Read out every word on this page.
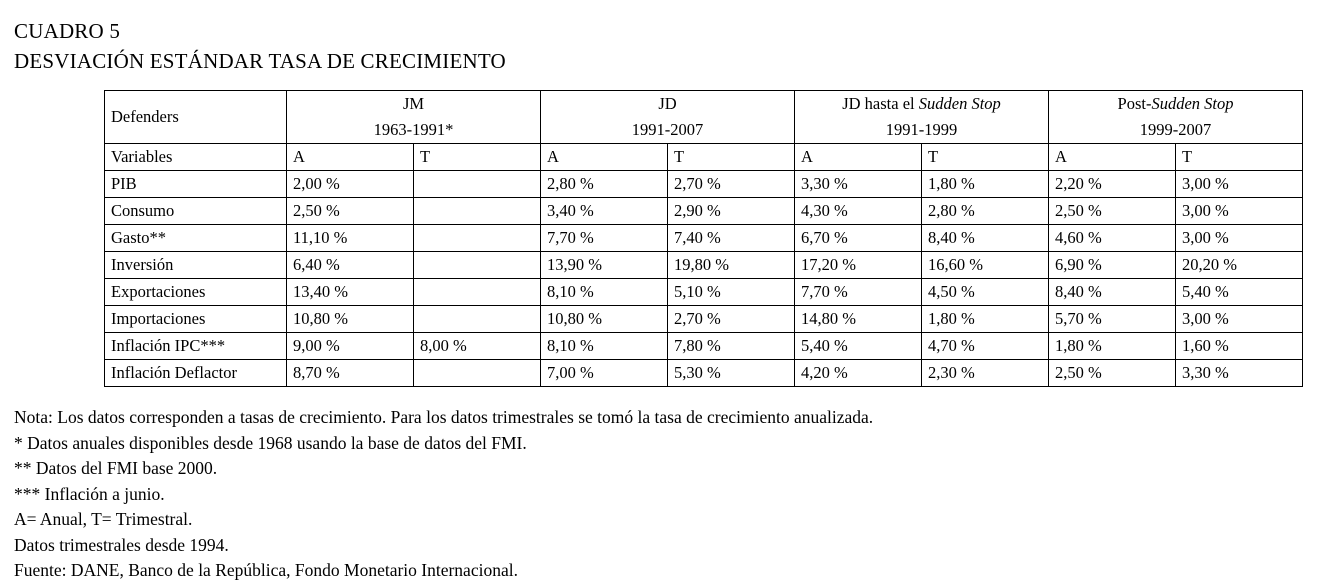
CUADRO 5
DESVIACIÓN ESTÁNDAR TASA DE CRECIMIENTO
Defenders	JM		JD		JD hasta el Sudden Stop		Post-Sudden Stop	
	1963-1991*		1991-2007		1991-1999		1999-2007	
Variables	A	T	A	T	A	T	A	T
PIB	2,00 %		2,80 %	2,70 %	3,30 %	1,80 %	2,20 %	3,00 %
Consumo	2,50 %		3,40 %	2,90 %	4,30 %	2,80 %	2,50 %	3,00 %
Gasto**	11,10 %		7,70 %	7,40 %	6,70 %	8,40 %	4,60 %	3,00 %
Inversión	6,40 %		13,90 %	19,80 %	17,20 %	16,60 %	6,90 %	20,20 %
Exportaciones	13,40 %		8,10 %	5,10 %	7,70 %	4,50 %	8,40 %	5,40 %
Importaciones	10,80 %		10,80 %	2,70 %	14,80 %	1,80 %	5,70 %	3,00 %
Inflación IPC***	9,00 %	8,00 %	8,10 %	7,80 %	5,40 %	4,70 %	1,80 %	1,60 %
Inflación Deflactor	8,70 %		7,00 %	5,30 %	4,20 %	2,30 %	2,50 %	3,30 %
Nota: Los datos corresponden a tasas de crecimiento. Para los datos trimestrales se tomó la tasa de crecimiento anualizada.
* Datos anuales disponibles desde 1968 usando la base de datos del FMI.
** Datos del FMI base 2000.
*** Inflación a junio.
A= Anual, T= Trimestral.
Datos trimestrales desde 1994.
Fuente: DANE, Banco de la República, Fondo Monetario Internacional.
